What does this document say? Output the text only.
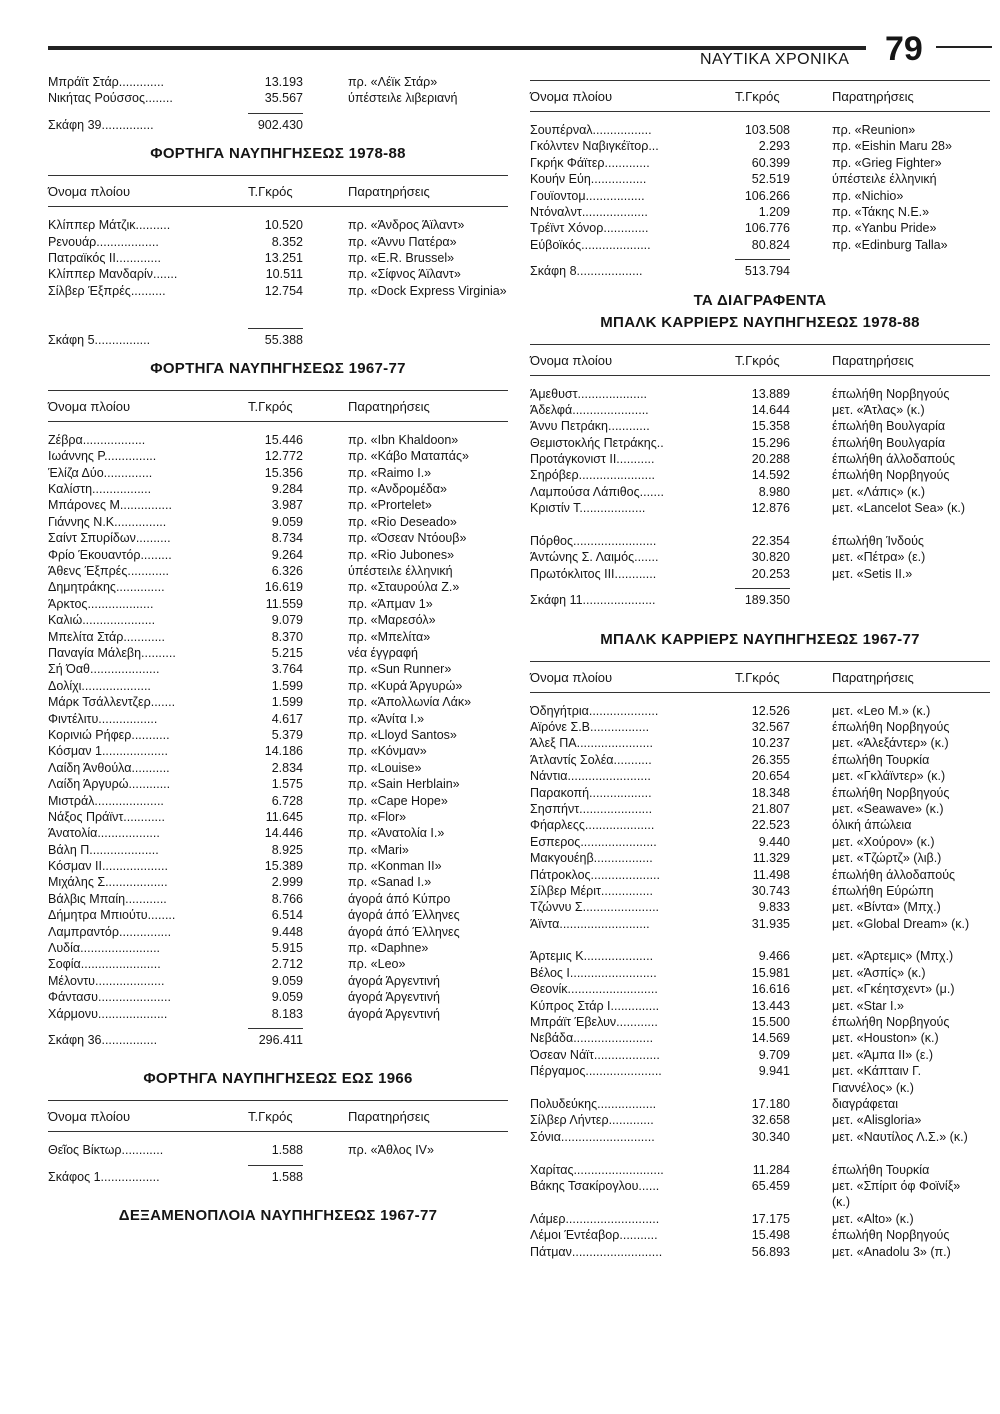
ΝΑΥΤΙΚΑ ΧΡΟΝΙΚΑ 79
Μπράϊτ Στάρ.............	13.193	πρ. «Λέϊκ Στάρ»
Νικήτας Ρούσσος........	35.567	ύπέστειλε λιβεριανή
Σκάφη 39...............	902.430
ΦΟΡΤΗΓΑ ΝΑΥΠΗΓΗΣΕΩΣ 1978-88
Όνομα πλοίου	Τ.Γκρός	Παρατηρήσεις
Κλίππερ Μάτζικ..........	10.520	πρ. «Άνδρος Άϊλαντ»
Ρενουάρ..................	8.352	πρ. «Άννυ Πατέρα»
Πατραϊκός ΙΙ.............	13.251	πρ. «E.R. Brussel»
Κλίππερ Μανδαρίν.......	10.511	πρ. «Σίφνος Άϊλαντ»
Σίλβερ Έξπρές..........	12.754	πρ. «Dock Express Virginia»
Σκάφη 5................	55.388
ΦΟΡΤΗΓΑ ΝΑΥΠΗΓΗΣΕΩΣ 1967-77
Όνομα πλοίου	Τ.Γκρός	Παρατηρήσεις
Ζέβρα..................	15.446	πρ. «Ibn Khaldoon»
Ιωάννης Ρ...............	12.772	πρ. «Κάβο Ματαπάς»
Έλίζα Δύο..............	15.356	πρ. «Raimo I.»
Καλίστη.................	9.284	πρ. «Ανδρομέδα»
Μπάρονες Μ...............	3.987	πρ. «Prortelet»
Γιάννης Ν.Κ...............	9.059	πρ. «Rio Deseado»
Σαίντ Σπυρίδων..........	8.734	πρ. «Όσεαν Ντόουβ»
Φρίο Έκουαντόρ.........	9.264	πρ. «Rio Jubones»
Άθενς Έξπρές............	6.326	ύπέστειλε έλληνική
Δημητράκης..............	16.619	πρ. «Σταυρούλα Ζ.»
Άρκτος...................	11.559	πρ. «Άπμαν 1»
Καλιώ.....................	9.079	πρ. «Μαρεσόλ»
Μπελίτα Στάρ............	8.370	πρ. «Μπελίτα»
Παναγία Μάλεβη..........	5.215	νέα έγγραφή
Σή Όαθ....................	3.764	πρ. «Sun Runner»
Δολίχι....................	1.599	πρ. «Κυρά Άργυρώ»
Μάρκ Τσάλλεντζερ.......	1.599	πρ. «Άπολλωνία Λάκ»
Φιντέλιτυ.................	4.617	πρ. «Άνίτα Ι.»
Κορινιώ Ρήφερ...........	5.379	πρ. «Lloyd Santos»
Κόσμαν 1...................	14.186	πρ. «Κόνμαν»
Λαίδη Άνθούλα...........	2.834	πρ. «Louise»
Λαίδη Άργυρώ............	1.575	πρ. «Sain Herblain»
Μιστράλ....................	6.728	πρ. «Cape Hope»
Νάξος Πράϊντ............	11.645	πρ. «Flor»
Άνατολία..................	14.446	πρ. «Άνατολία Ι.»
Βάλη Π....................	8.925	πρ. «Mari»
Κόσμαν ΙΙ...................	15.389	πρ. «Konman II»
Μιχάλης Σ..................	2.999	πρ. «Sanad I.»
Βάλβις Μπαίη............	8.766	άγορά άπό Κύπρο
Δήμητρα Μπιούτυ........	6.514	άγορά άπό Έλληνες
Λαμπραντόρ...............	9.448	άγορά άπό Έλληνες
Λυδία.......................	5.915	πρ. «Daphne»
Σοφία.......................	2.712	πρ. «Leo»
Μέλοντυ....................	9.059	άγορά Άργεντινή
Φάντασυ.....................	9.059	άγορά Άργεντινή
Χάρμονυ....................	8.183	άγορά Άργεντινή
Σκάφη 36................	296.411
ΦΟΡΤΗΓΑ ΝΑΥΠΗΓΗΣΕΩΣ ΕΩΣ 1966
Όνομα πλοίου	Τ.Γκρός	Παρατηρήσεις
Θεῖος Βίκτωρ............	1.588	πρ. «Άθλος IV»
Σκάφος 1.................	1.588
ΔΕΞΑΜΕΝΟΠΛΟΙΑ ΝΑΥΠΗΓΗΣΕΩΣ 1967-77
Όνομα πλοίου	Τ.Γκρός	Παρατηρήσεις
Σουπέρναλ.................	103.508	πρ. «Reunion»
Γκόλντεν Ναβιγκέϊτορ...	2.293	πρ. «Eishin Maru 28»
Γκρήκ Φάϊτερ.............	60.399	πρ. «Grieg Fighter»
Κουήν Εύη................	52.519	ύπέστειλε έλληνική
Γουϊοντομ.................	106.266	πρ. «Nichio»
Ντόναλντ...................	1.209	πρ. «Τάκης Ν.Ε.»
Τρέϊντ Χόνορ.............	106.776	πρ. «Yanbu Pride»
Εύβοϊκός....................	80.824	πρ. «Edinburg Talla»
Σκάφη 8...................	513.794
ΤΑ ΔΙΑΓΡΑΦΕΝΤΑ
ΜΠΑΛΚ ΚΑΡΡΙΕΡΣ ΝΑΥΠΗΓΗΣΕΩΣ 1978-88
Όνομα πλοίου	Τ.Γκρός	Παρατηρήσεις
Άμεθυστ....................	13.889	έπωλήθη Νορβηγούς
Άδελφά......................	14.644	μετ. «Άτλας» (κ.)
Άννυ Πετράκη............	15.358	έπωλήθη Βουλγαρία
Θεμιστοκλής Πετράκης..	15.296	έπωλήθη Βουλγαρία
Προτάγκονιστ ΙΙ...........	20.288	έπωλήθη άλλοδαπούς
Σηρόβερ......................	14.592	έπωλήθη Νορβηγούς
Λαμπούσα Λάπιθος.......	8.980	μετ. «Λάπις» (κ.)
Κριστίν Τ...................	12.876	μετ. «Lancelot Sea» (κ.)
Πόρθος........................	22.354	έπωλήθη Ίνδούς
Άντώνης Σ. Λαιμός.......	30.820	μετ. «Πέτρα» (ε.)
Πρωτόκλιτος ΙΙΙ............	20.253	μετ. «Setis II.»
Σκάφη 11.....................	189.350
ΜΠΑΛΚ ΚΑΡΡΙΕΡΣ ΝΑΥΠΗΓΗΣΕΩΣ 1967-77
Όνομα πλοίου	Τ.Γκρός	Παρατηρήσεις
Όδηγήτρια....................	12.526	μετ. «Leo M.» (κ.)
Αϊρόνε Σ.Β.................	32.567	έπωλήθη Νορβηγούς
Άλεξ ΠΑ......................	10.237	μετ. «Άλεξάντερ» (κ.)
Άτλαντίς Σολέα...........	26.355	έπωλήθη Τουρκία
Νάντια........................	20.654	μετ. «Γκλάϊντερ» (κ.)
Παρακοπή..................	18.348	έπωλήθη Νορβηγούς
Σησπήντ.....................	21.807	μετ. «Seawave» (κ.)
Φήαρλεςς....................	22.523	όλική άπώλεια
Εσπερος......................	9.440	μετ. «Χούρον» (κ.)
Μακγουέηβ.................	11.329	μετ. «Τζώρτζ» (λιβ.)
Πάτροκλος....................	11.498	έπωλήθη άλλοδαπούς
Σίλβερ Μέριτ...............	30.743	έπωλήθη Εύρώπη
Τζώννυ Σ......................	9.833	μετ. «Βίντα» (Μπχ.)
Άϊντα..........................	31.935	μετ. «Global Dream» (κ.)
Άρτεμις Κ....................	9.466	μετ. «Άρτεμις» (Μπχ.)
Βέλος Ι.........................	15.981	μετ. «Άσπίς» (κ.)
Θεονίκ..........................	16.616	μετ. «Γκέητσχεντ» (μ.)
Κύπρος Στάρ Ι..............	13.443	μετ. «Star I.»
Μπράϊτ Έβελυν............	15.500	έπωλήθη Νορβηγούς
Νεβάδα.......................	14.569	μετ. «Houston» (κ.)
Όσεαν Νάϊτ...................	9.709	μετ. «Άμπα ΙΙ» (ε.)
Πέργαμος......................	9.941	μετ. «Κάπταιν Γ. Γιαννέλος» (κ.)
Πολυδεύκης.................	17.180	διαγράφεται
Σίλβερ Λήντερ.............	32.658	μετ. «Alisgloria»
Σόνια...........................	30.340	μετ. «Ναυτίλος Λ.Σ.» (κ.)
Χαρίτας..........................	11.284	έπωλήθη Τουρκία
Βάκης Τσακίρογλου......	65.459	μετ. «Σπίριτ όφ Φοϊνίξ» (κ.)
Λάμερ...........................	17.175	μετ. «Alto» (κ.)
Λέμοι Έντέαβορ...........	15.498	έπωλήθη Νορβηγούς
Πάτμαν..........................	56.893	μετ. «Anadolu 3» (π.)
